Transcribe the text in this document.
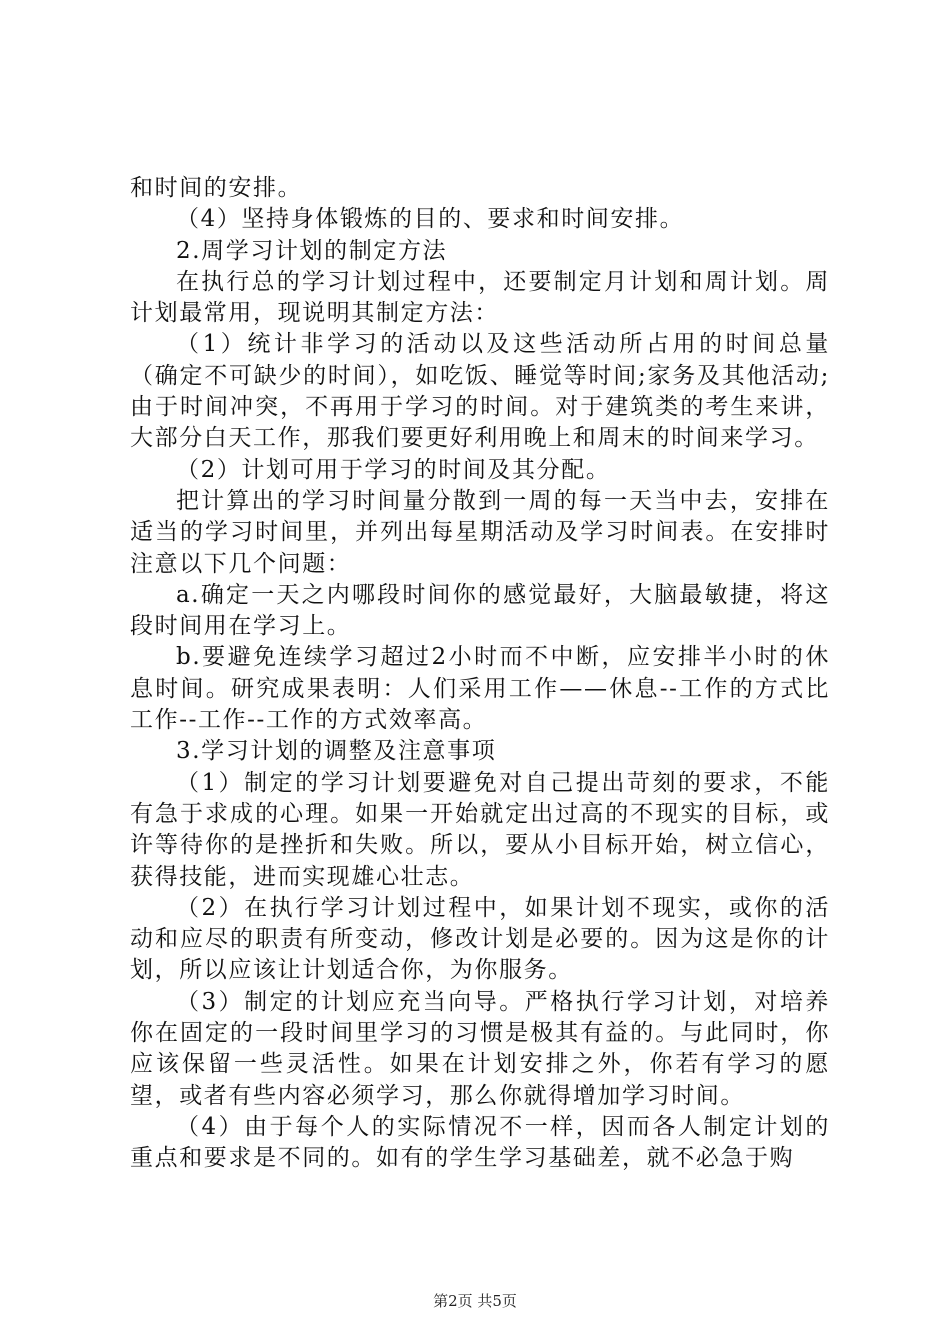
和时间的安排。

（4）坚持身体锻炼的目的、要求和时间安排。

2.周学习计划的制定方法

在执行总的学习计划过程中，还要制定月计划和周计划。周计划最常用，现说明其制定方法：

（1）统计非学习的活动以及这些活动所占用的时间总量（确定不可缺少的时间），如吃饭、睡觉等时间;家务及其他活动;由于时间冲突，不再用于学习的时间。对于建筑类的考生来讲，大部分白天工作，那我们要更好利用晚上和周末的时间来学习。

（2）计划可用于学习的时间及其分配。

把计算出的学习时间量分散到一周的每一天当中去，安排在适当的学习时间里，并列出每星期活动及学习时间表。在安排时注意以下几个问题：

a.确定一天之内哪段时间你的感觉最好，大脑最敏捷，将这段时间用在学习上。

b.要避免连续学习超过2小时而不中断，应安排半小时的休息时间。研究成果表明：人们采用工作——休息--工作的方式比工作--工作--工作的方式效率高。

3.学习计划的调整及注意事项

（1）制定的学习计划要避免对自己提出苛刻的要求，不能有急于求成的心理。如果一开始就定出过高的不现实的目标，或许等待你的是挫折和失败。所以，要从小目标开始，树立信心，获得技能，进而实现雄心壮志。

（2）在执行学习计划过程中，如果计划不现实，或你的活动和应尽的职责有所变动，修改计划是必要的。因为这是你的计划，所以应该让计划适合你，为你服务。

（3）制定的计划应充当向导。严格执行学习计划，对培养你在固定的一段时间里学习的习惯是极其有益的。与此同时，你应该保留一些灵活性。如果在计划安排之外，你若有学习的愿望，或者有些内容必须学习，那么你就得增加学习时间。

（4）由于每个人的实际情况不一样，因而各人制定计划的重点和要求是不同的。如有的学生学习基础差，就不必急于购

第2页 共5页
